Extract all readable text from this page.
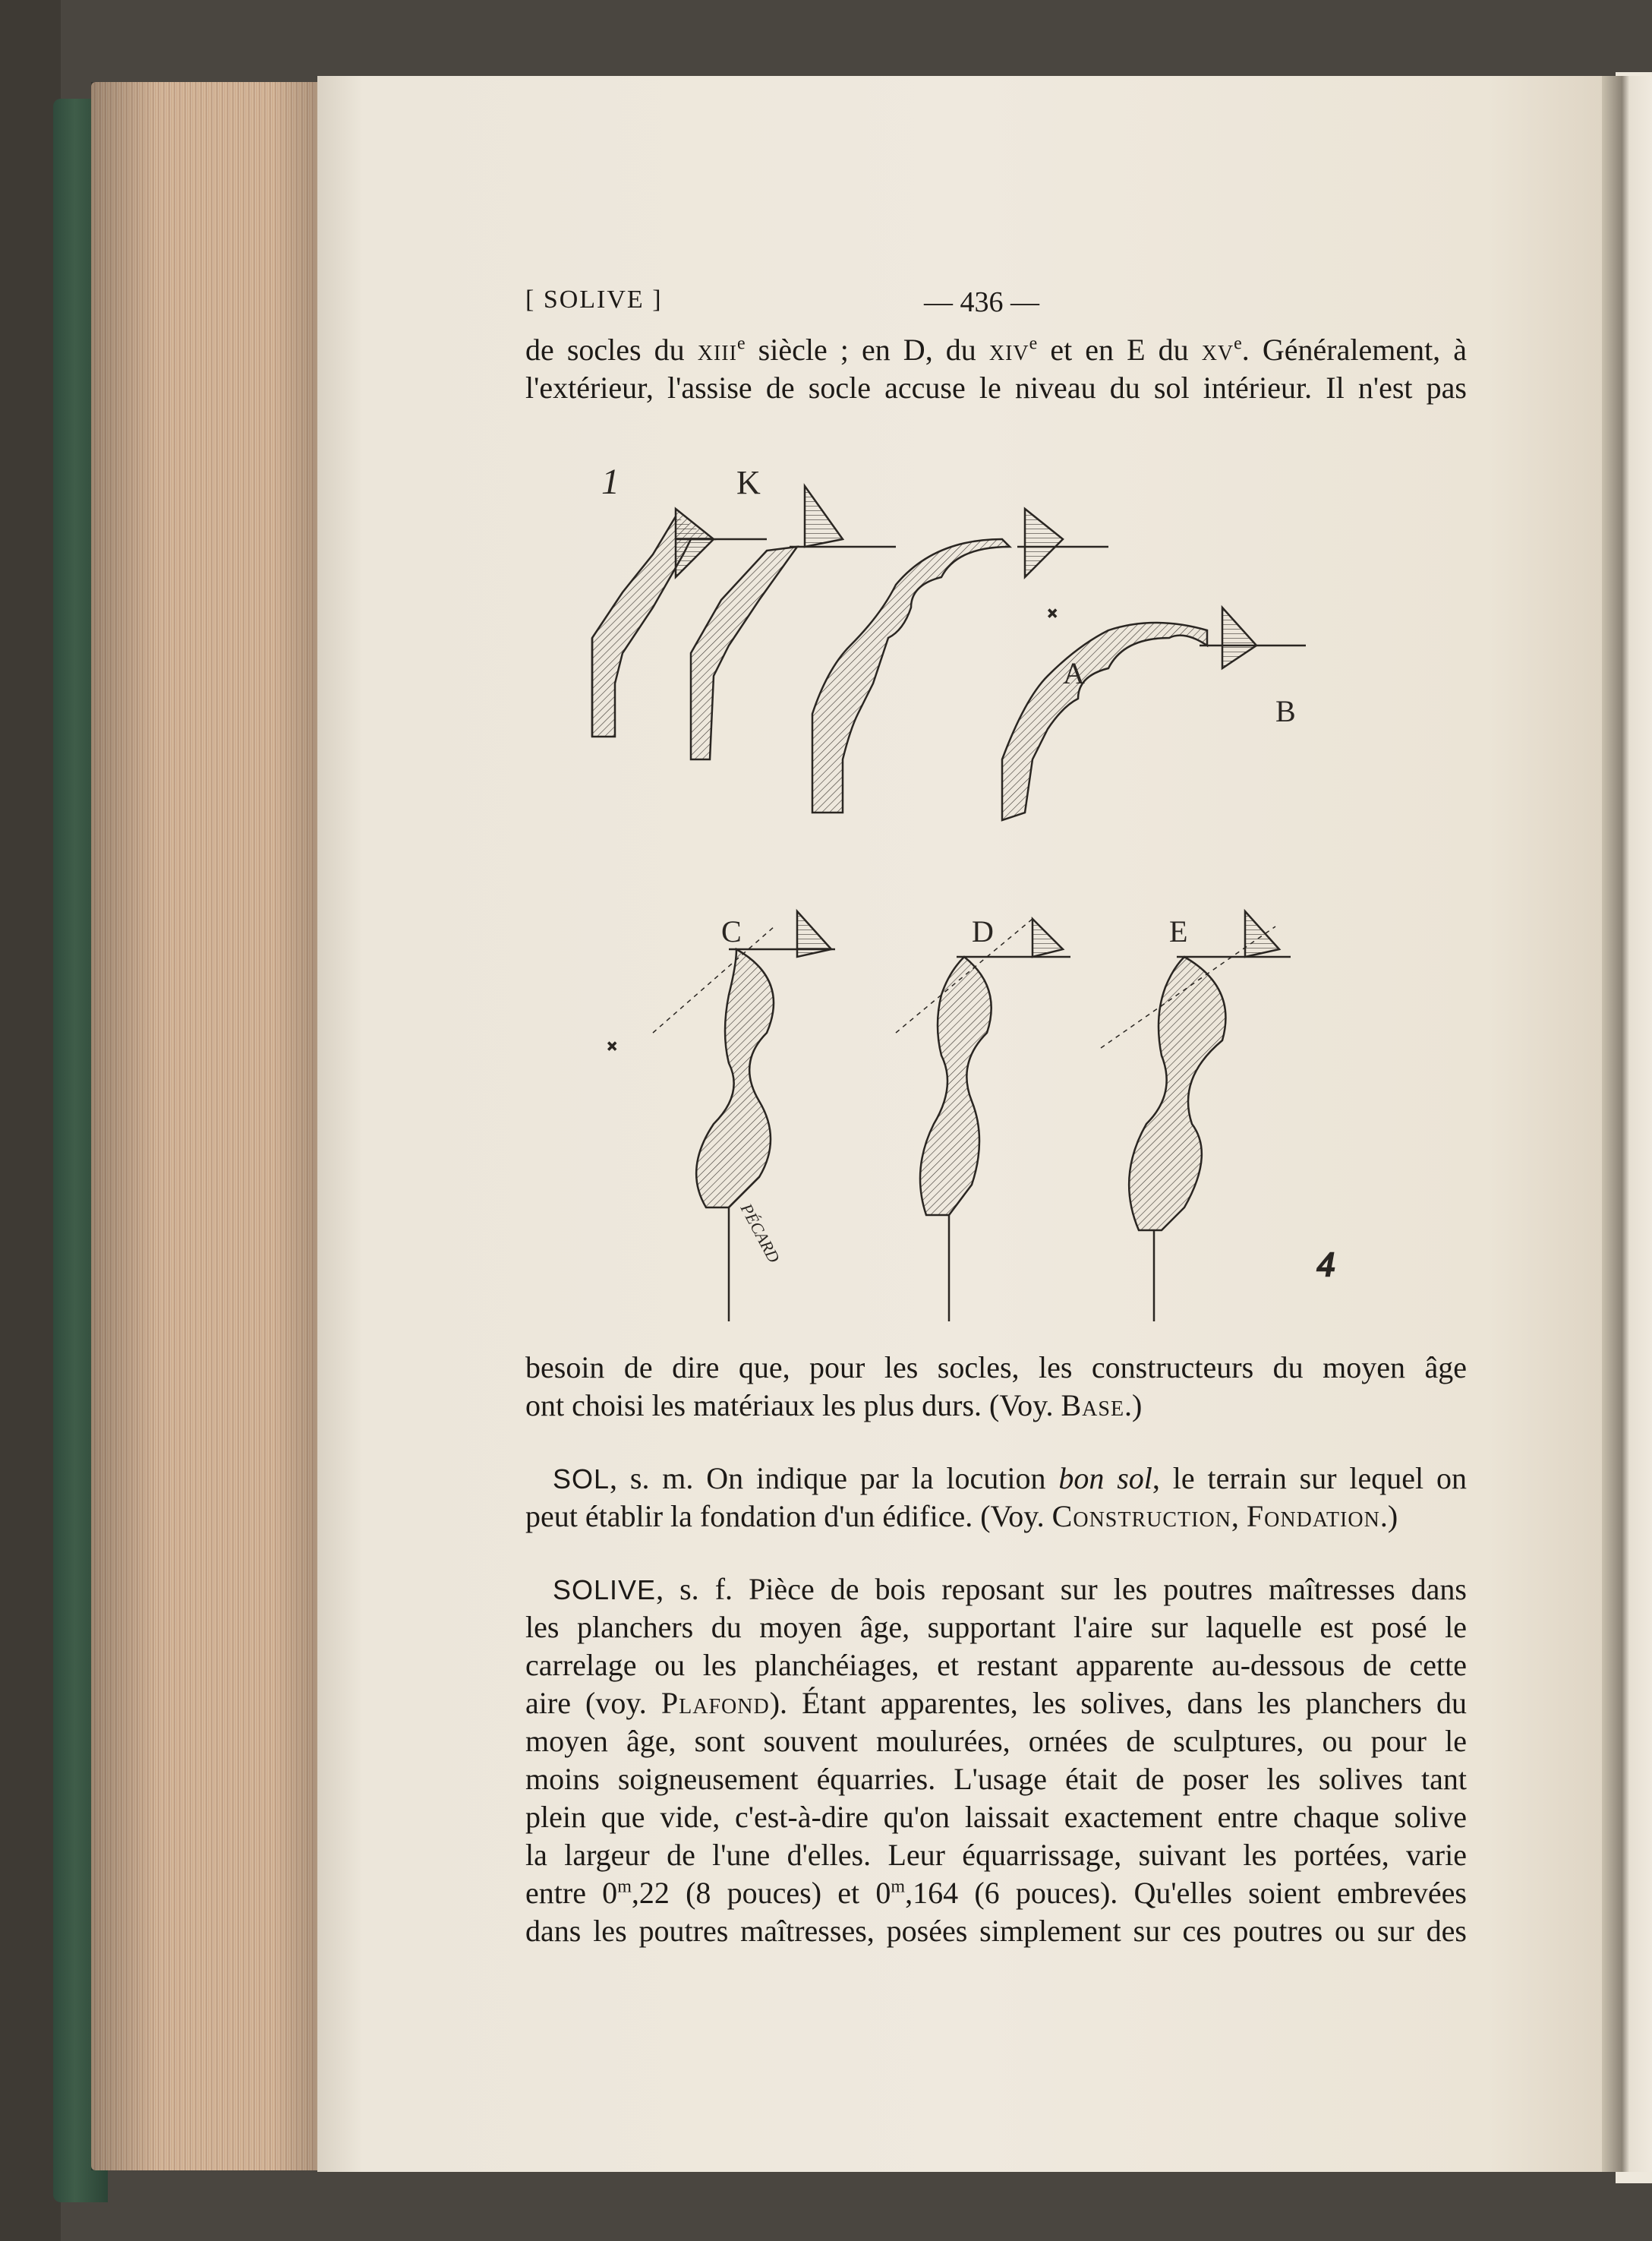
[ SOLIVE ]	— 436 —
de socles du xiii$^e$ siècle ; en D, du xiv$^e$ et en E du $xv^e$. Généralement, à
l'extérieur, l'assise de socle accuse le niveau du sol intérieur. Il n'est pas
1	K
B
C	D	E
PÉCARD
×
×
4
besoin de dire que, pour les socles, les constructeurs du moyen âge
ont choisi les matériaux les plus durs. (Voy. Base.)
SOL, s. m. On indique par la locution bon sol, le terrain sur lequel on
peut établir la fondation d'un édifice. (Voy. Construction, Fondation.)
SOLIVE, s. f. Pièce de bois reposant sur les poutres maîtresses dans
les planchers du moyen âge, supportant l'aire sur laquelle est posé le
carrelage ou les planchéiages, et restant apparente au-dessous de cette
aire (voy. Plafond). Étant apparentes, les solives, dans les planchers du
moyen âge, sont souvent moulurées, ornées de sculptures, ou pour le
moins soigneusement équarries. L'usage était de poser les solives tant
plein que vide, c'est-à-dire qu'on laissait exactement entre chaque solive
la largeur de l'une d'elles. Leur équarrissage, suivant les portées, varie
entre 0$^m$,22 (8 pouces) et 0$^m$,164 (6 pouces). Qu'elles soient embrevées
dans les poutres maîtresses, posées simplement sur ces poutres ou sur des
